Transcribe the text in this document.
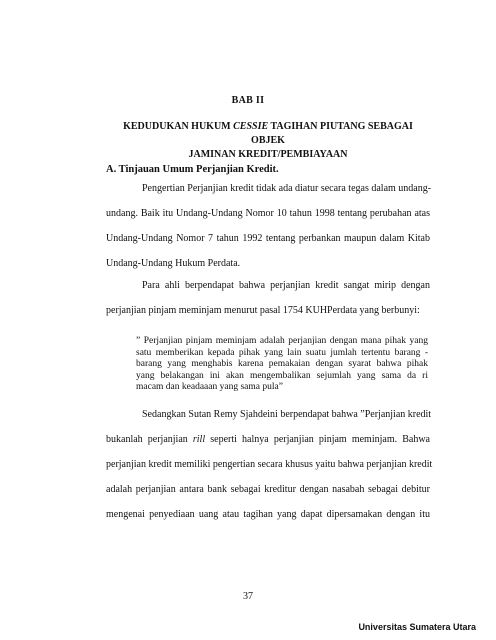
BAB II
KEDUDUKAN HUKUM CESSIE TAGIHAN PIUTANG SEBAGAI OBJEK
JAMINAN KREDIT/PEMBIAYAAN
A. Tinjauan Umum Perjanjian Kredit.
Pengertian Perjanjian kredit tidak ada diatur secara tegas dalam undang-
undang. Baik itu Undang-Undang Nomor 10 tahun 1998 tentang perubahan atas
Undang-Undang Nomor 7 tahun 1992 tentang perbankan maupun dalam Kitab
Undang-Undang Hukum Perdata.
Para ahli berpendapat bahwa perjanjian kredit sangat mirip dengan
perjanjian pinjam meminjam menurut pasal 1754 KUHPerdata yang berbunyi:
” Perjanjian pinjam meminjam adalah perjanjian dengan mana pihak yang
satu memberikan kepada pihak yang lain suatu jumlah tertentu barang -
barang yang menghabis karena pemakaian dengan syarat bahwa pihak
yang belakangan ini akan mengembalikan sejumlah yang sama da ri
macam dan keadaaan yang sama pula”
Sedangkan Sutan Remy Sjahdeini berpendapat bahwa ”Perjanjian kredit
bukanlah perjanjian rill seperti halnya perjanjian pinjam meminjam. Bahwa
perjanjian kredit memiliki pengertian secara khusus yaitu bahwa perjanjian kredit
adalah perjanjian antara bank sebagai kreditur dengan nasabah sebagai debitur
mengenai penyediaan uang atau tagihan yang dapat dipersamakan dengan itu
37
Universitas Sumatera Utara
